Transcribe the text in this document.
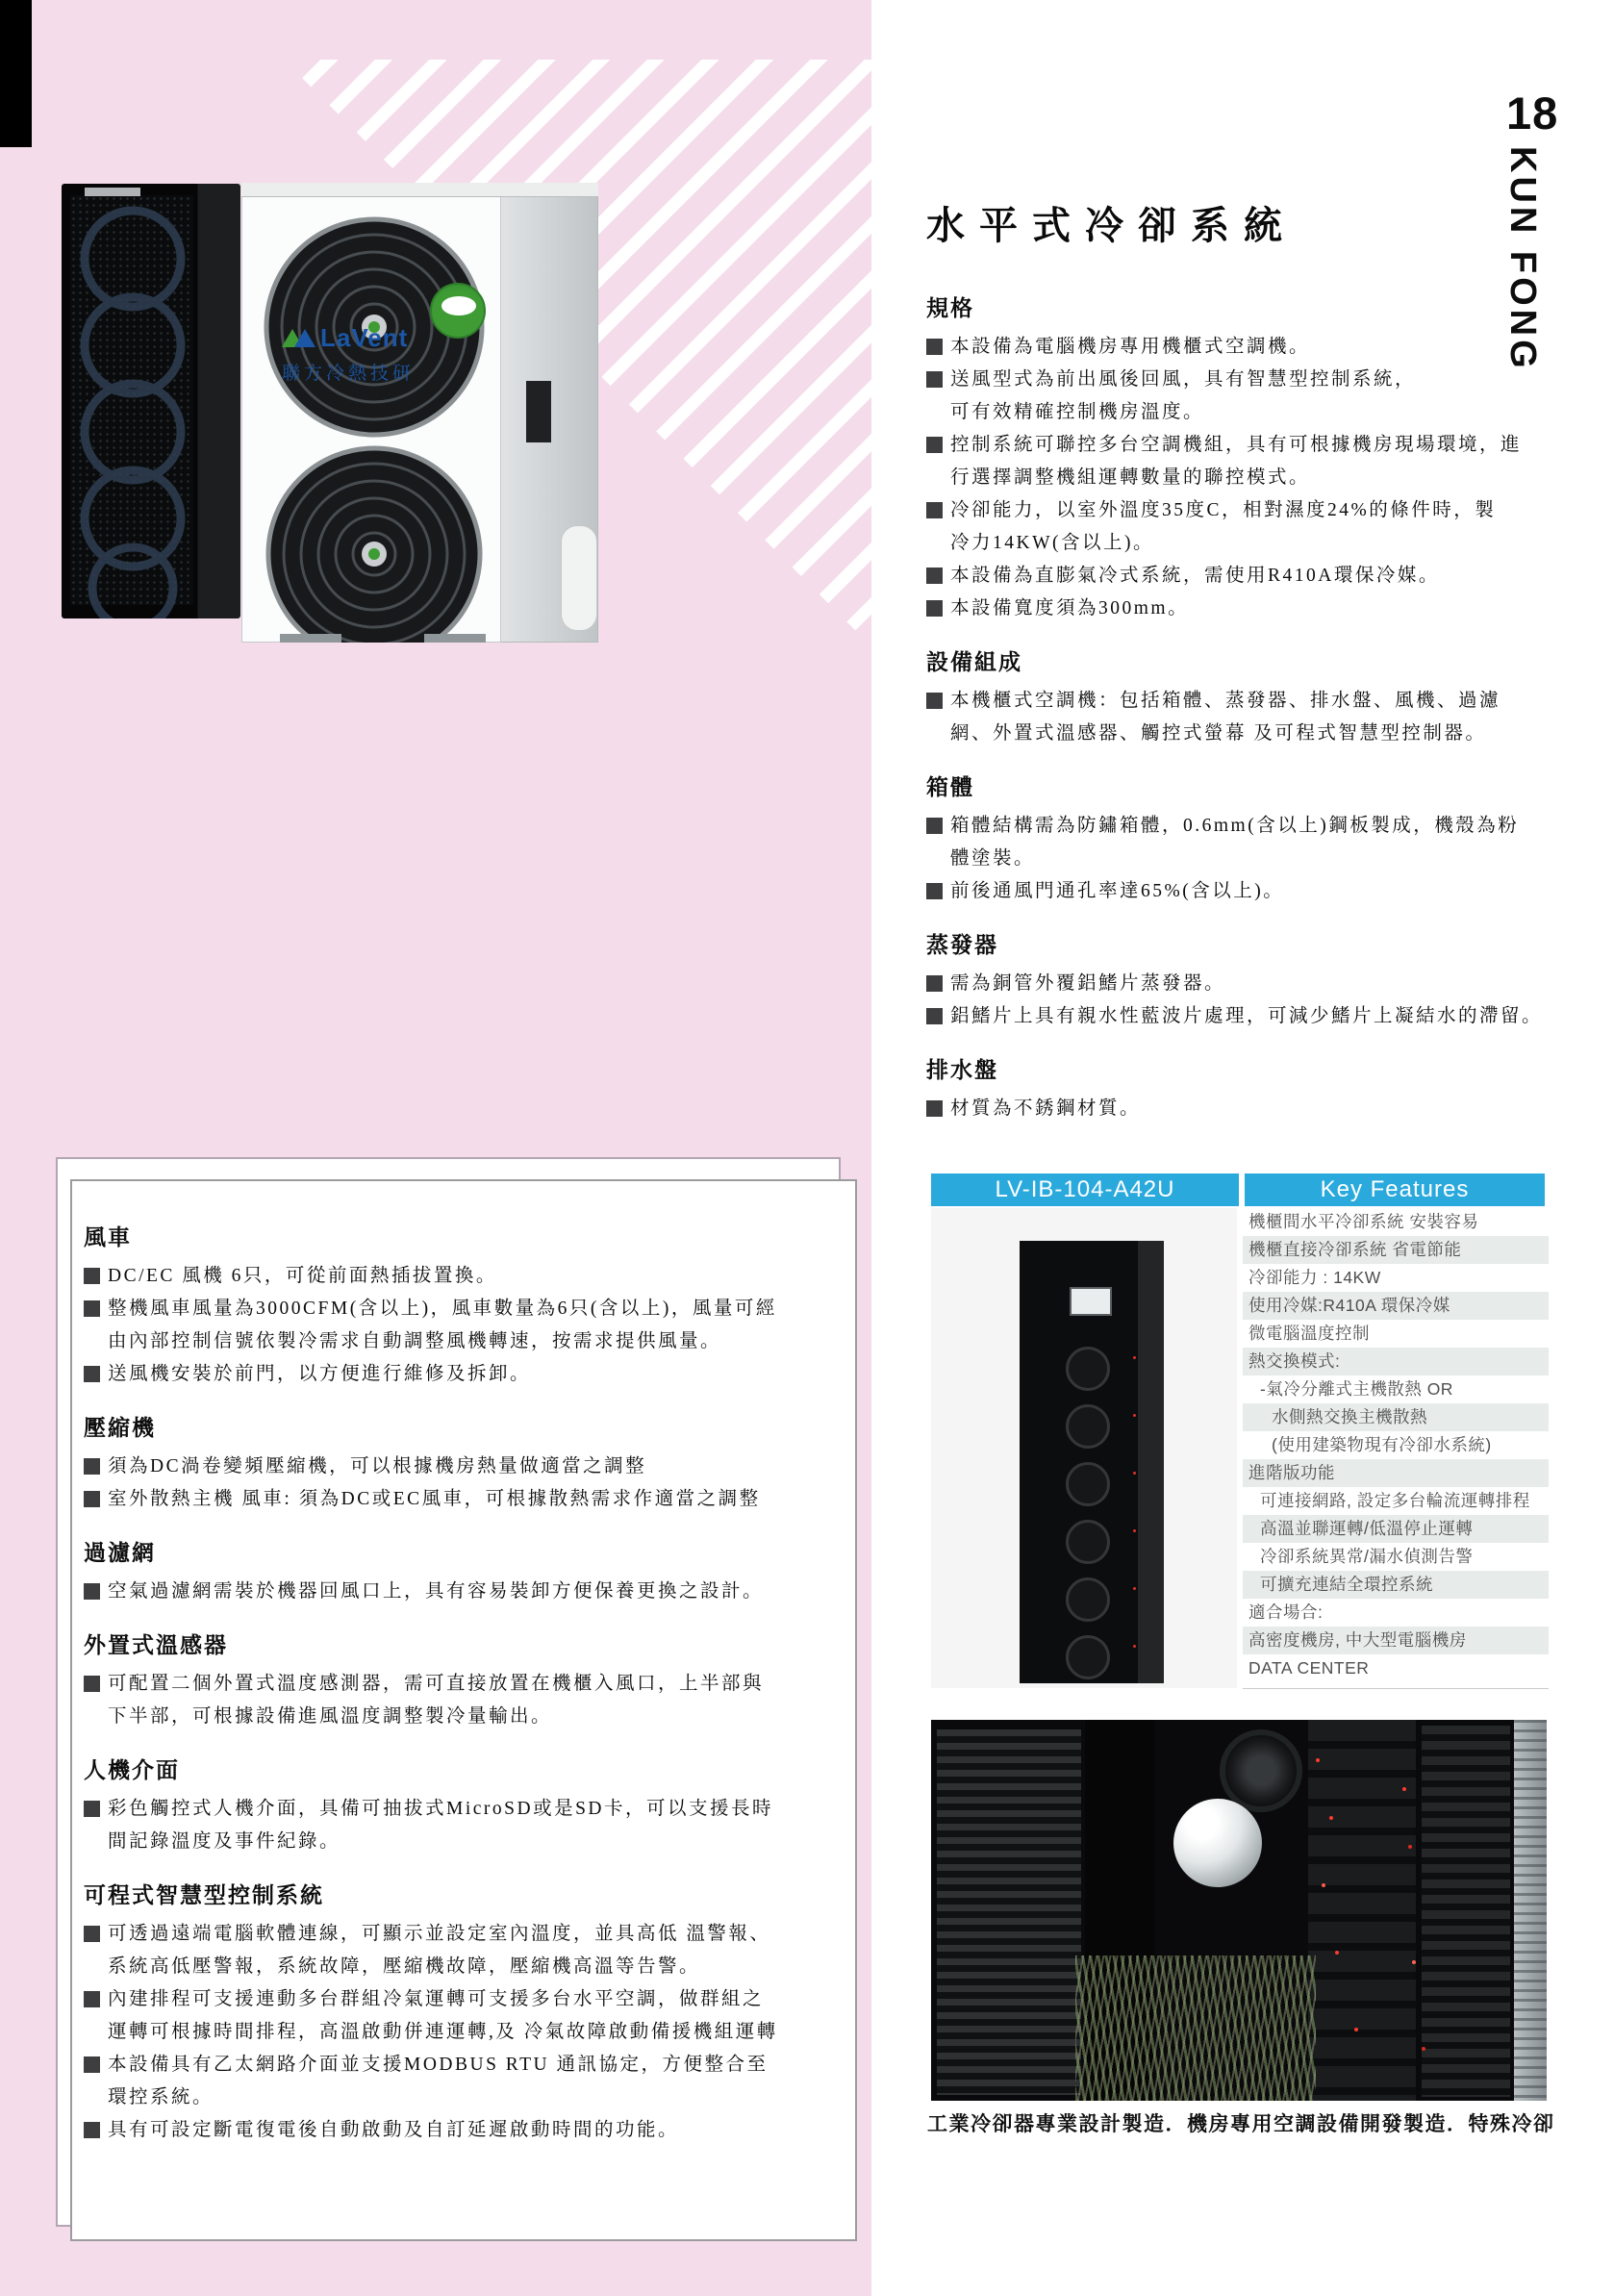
LaVent
聯方冷熱技研
18
KUN FONG
水平式冷卻系統
規格
本設備為電腦機房專用機櫃式空調機。
送風型式為前出風後回風，具有智慧型控制系統，
可有效精確控制機房溫度。
控制系統可聯控多台空調機組，具有可根據機房現場環境，進
行選擇調整機組運轉數量的聯控模式。
冷卻能力，以室外溫度35度C，相對濕度24%的條件時，製
冷力14KW(含以上)。
本設備為直膨氣冷式系統，需使用R410A環保冷媒。
本設備寬度須為300mm。
設備組成
本機櫃式空調機：包括箱體、蒸發器、排水盤、風機、過濾
網、外置式溫感器、觸控式螢幕 及可程式智慧型控制器。
箱體
箱體結構需為防鏽箱體，0.6mm(含以上)鋼板製成，機殼為粉
體塗裝。
前後通風門通孔率達65%(含以上)。
蒸發器
需為銅管外覆鋁鰭片蒸發器。
鋁鰭片上具有親水性藍波片處理，可減少鰭片上凝結水的滯留。
排水盤
材質為不銹鋼材質。
風車
DC/EC 風機 6只，可從前面熱插拔置換。
整機風車風量為3000CFM(含以上)，風車數量為6只(含以上)，風量可經
由內部控制信號依製冷需求自動調整風機轉速，按需求提供風量。
送風機安裝於前門，以方便進行維修及拆卸。
壓縮機
須為DC渦卷變頻壓縮機，可以根據機房熱量做適當之調整
室外散熱主機 風車: 須為DC或EC風車，可根據散熱需求作適當之調整
過濾網
空氣過濾網需裝於機器回風口上，具有容易裝卸方便保養更換之設計。
外置式溫感器
可配置二個外置式溫度感測器，需可直接放置在機櫃入風口，上半部與
下半部，可根據設備進風溫度調整製冷量輸出。
人機介面
彩色觸控式人機介面，具備可抽拔式MicroSD或是SD卡，可以支援長時
間記錄溫度及事件紀錄。
可程式智慧型控制系統
可透過遠端電腦軟體連線，可顯示並設定室內溫度，並具高低 溫警報、
系統高低壓警報，系統故障，壓縮機故障，壓縮機高溫等告警。
內建排程可支援連動多台群組冷氣運轉可支援多台水平空調，做群組之
運轉可根據時間排程，高溫啟動併連運轉,及 冷氣故障啟動備援機組運轉
本設備具有乙太網路介面並支援MODBUS RTU 通訊協定，方便整合至
環控系統。
具有可設定斷電復電後自動啟動及自訂延遲啟動時間的功能。
LV-IB-104-A42U	Key Features
機櫃間水平冷卻系統 安裝容易
機櫃直接冷卻系統 省電節能
冷卻能力 : 14KW
使用冷媒:R410A 環保冷媒
微電腦溫度控制
熱交換模式:
-氣冷分離式主機散熱 OR
水側熱交換主機散熱
(使用建築物現有冷卻水系統)
進階版功能
可連接網路, 設定多台輪流運轉排程
高溫並聯運轉/低溫停止運轉
冷卻系統異常/漏水偵測告警
可擴充連結全環控系統
適合場合:
高密度機房, 中大型電腦機房
DATA CENTER
工業冷卻器專業設計製造．機房專用空調設備開發製造．特殊冷卻
